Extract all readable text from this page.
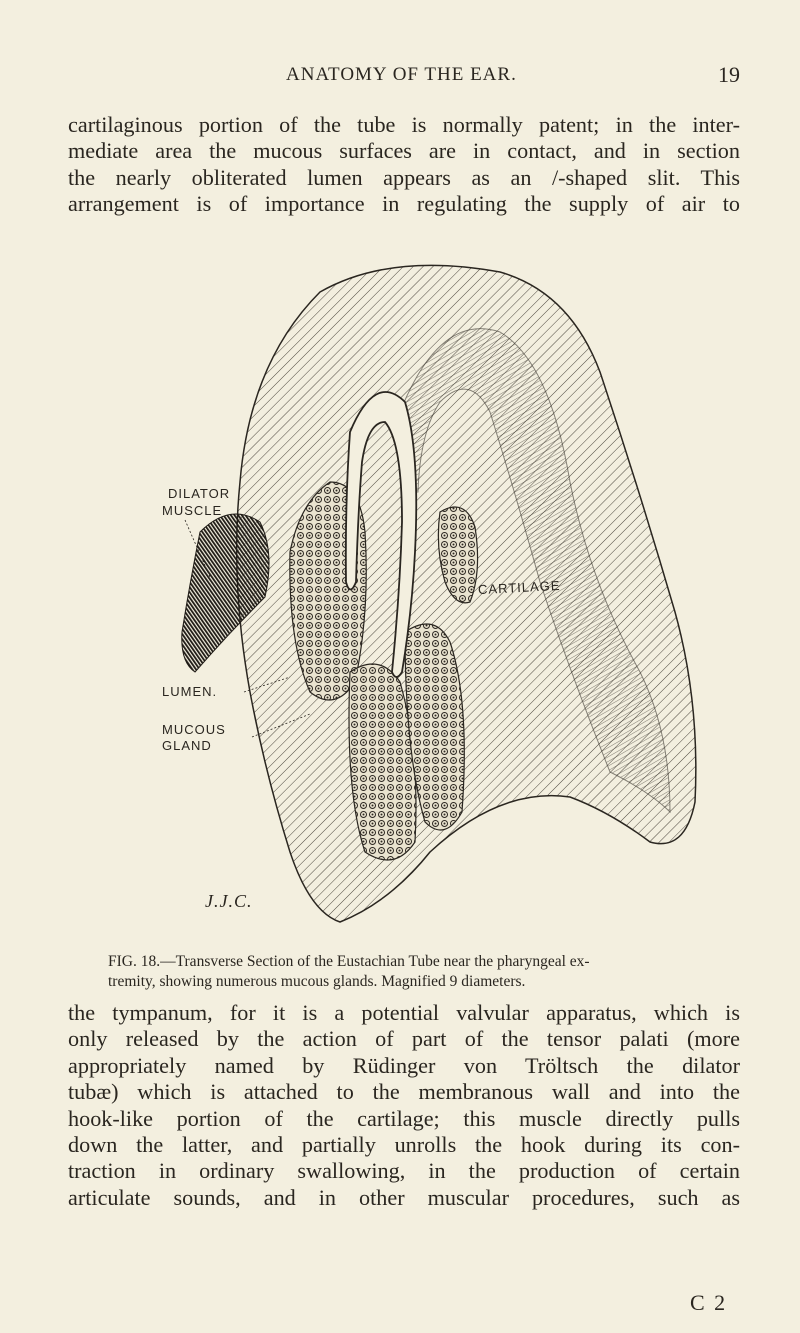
ANATOMY OF THE EAR.	19
cartilaginous portion of the tube is normally patent; in the inter-
mediate area the mucous surfaces are in contact, and in section
the nearly obliterated lumen appears as an /-shaped slit. This
arrangement is of importance in regulating the supply of air to
DILATOR
MUSCLE
LUMEN.
MUCOUS
GLAND
CARTILAGE
J.J.C.
FIG. 18.—Transverse Section of the Eustachian Tube near the pharyngeal ex-
tremity, showing numerous mucous glands. Magnified 9 diameters.
the tympanum, for it is a potential valvular apparatus, which is
only released by the action of part of the tensor palati (more
appropriately named by Rüdinger von Tröltsch the dilator
tubæ) which is attached to the membranous wall and into the
hook-like portion of the cartilage; this muscle directly pulls
down the latter, and partially unrolls the hook during its con-
traction in ordinary swallowing, in the production of certain
articulate sounds, and in other muscular procedures, such as
C 2
